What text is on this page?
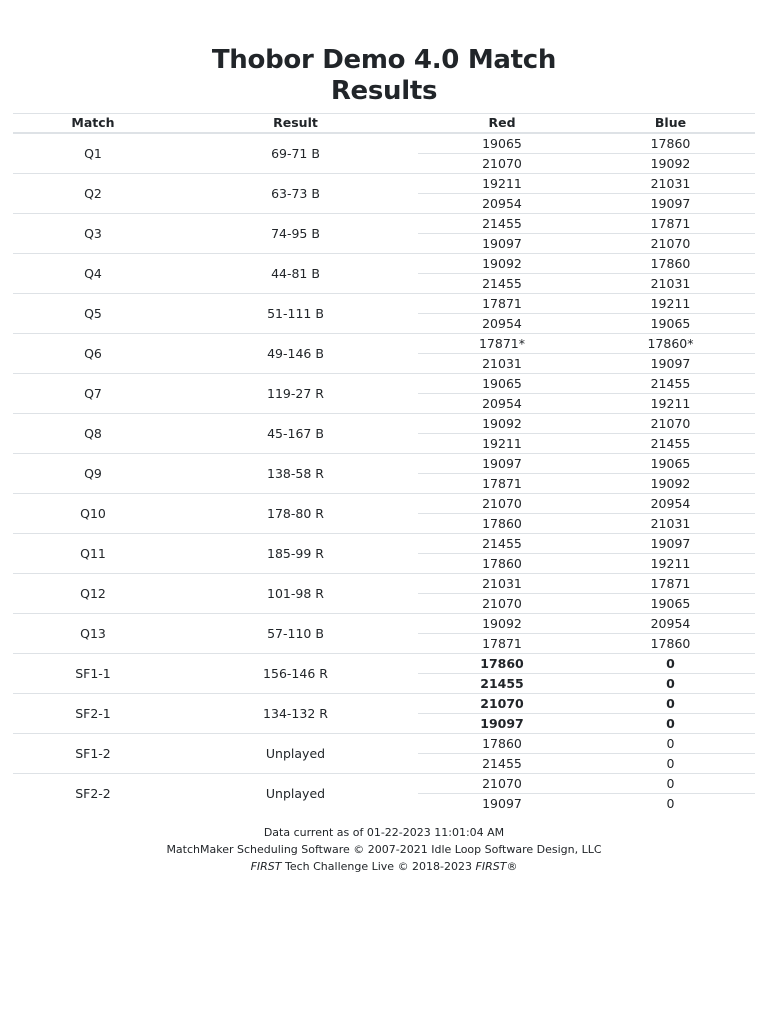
Thobor Demo 4.0 Match
Results
Match	Result	Red	Blue
Q1	69-71 B	19065	17860
		21070	19092
Q2	63-73 B	19211	21031
		20954	19097
Q3	74-95 B	21455	17871
		19097	21070
Q4	44-81 B	19092	17860
		21455	21031
Q5	51-111 B	17871	19211
		20954	19065
Q6	49-146 B	17871*	17860*
		21031	19097
Q7	119-27 R	19065	21455
		20954	19211
Q8	45-167 B	19092	21070
		19211	21455
Q9	138-58 R	19097	19065
		17871	19092
Q10	178-80 R	21070	20954
		17860	21031
Q11	185-99 R	21455	19097
		17860	19211
Q12	101-98 R	21031	17871
		21070	19065
Q13	57-110 B	19092	20954
		17871	17860
SF1-1	156-146 R	17860	0
		21455	0
SF2-1	134-132 R	21070	0
		19097	0
SF1-2	Unplayed	17860	0
		21455	0
SF2-2	Unplayed	21070	0
		19097	0
Data current as of 01-22-2023 11:01:04 AM
MatchMaker Scheduling Software © 2007-2021 Idle Loop Software Design, LLC
FIRST Tech Challenge Live © 2018-2023 FIRST®
